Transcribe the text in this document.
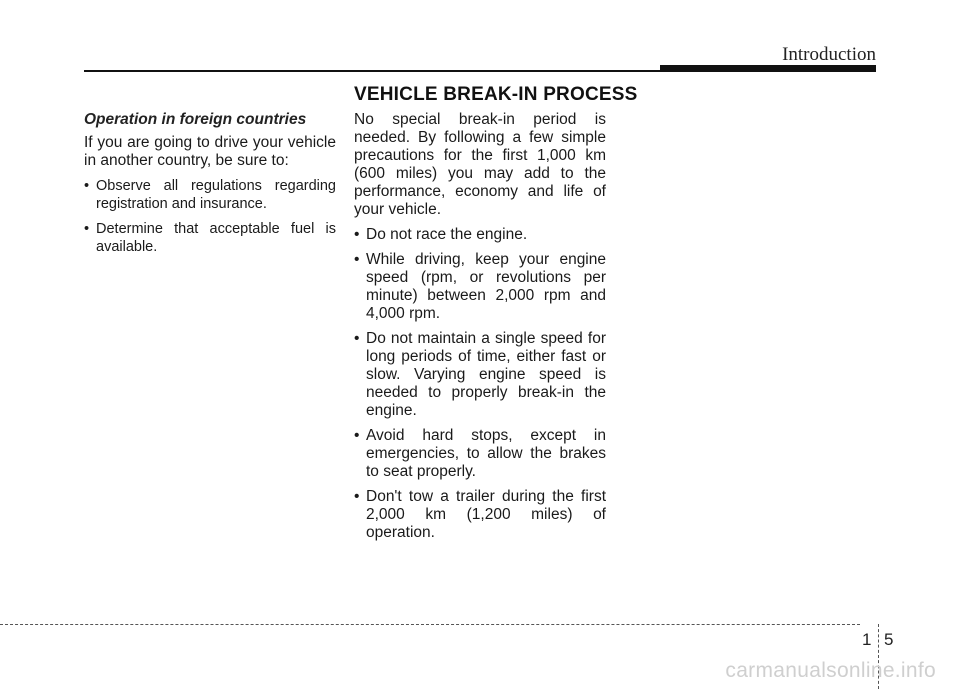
Introduction
VEHICLE BREAK-IN PROCESS
Operation in foreign countries

If you are going to drive your vehicle in another country, be sure to:

• Observe all regulations regarding registration and insurance.
• Determine that acceptable fuel is available.

No special break-in period is needed. By following a few simple precautions for the first 1,000 km (600 miles) you may add to the performance, economy and life of your vehicle.

• Do not race the engine.
• While driving, keep your engine speed (rpm, or revolutions per minute) between 2,000 rpm and 4,000 rpm.
• Do not maintain a single speed for long periods of time, either fast or slow. Varying engine speed is needed to properly break-in the engine.
• Avoid hard stops, except in emergencies, to allow the brakes to seat properly.
• Don't tow a trailer during the first 2,000 km (1,200 miles) of operation.
1 5
carmanualsonline.info
